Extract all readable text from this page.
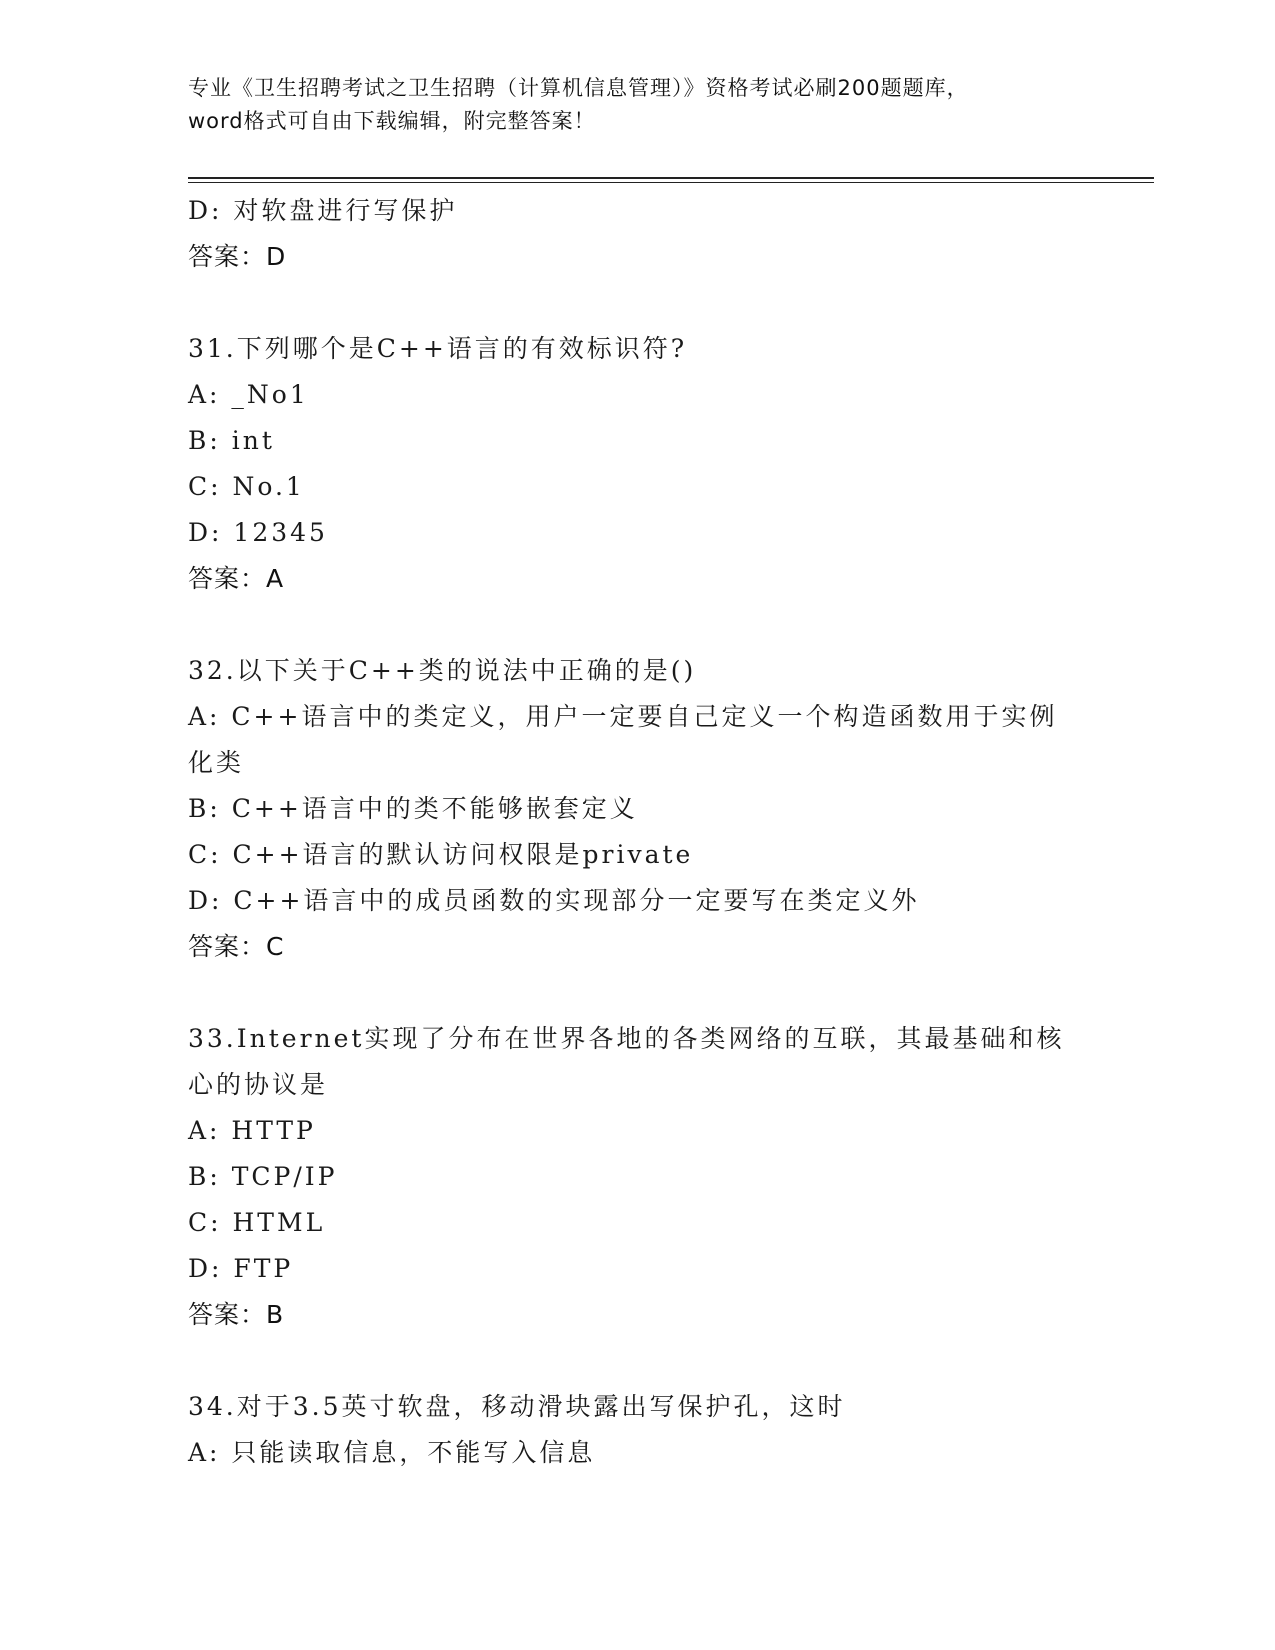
专业《卫生招聘考试之卫生招聘（计算机信息管理）》资格考试必刷200题题库，
word格式可自由下载编辑，附完整答案！
D: 对软盘进行写保护
答案：D
31.下列哪个是C++语言的有效标识符?
A: _No1
B: int
C: No.1
D: 12345
答案：A
32.以下关于C++类的说法中正确的是()
A: C++语言中的类定义，用户一定要自己定义一个构造函数用于实例
化类
B: C++语言中的类不能够嵌套定义
C: C++语言的默认访问权限是private
D: C++语言中的成员函数的实现部分一定要写在类定义外
答案：C
33.Internet实现了分布在世界各地的各类网络的互联，其最基础和核
心的协议是
A: HTTP
B: TCP/IP
C: HTML
D: FTP
答案：B
34.对于3.5英寸软盘，移动滑块露出写保护孔，这时
A: 只能读取信息，不能写入信息
